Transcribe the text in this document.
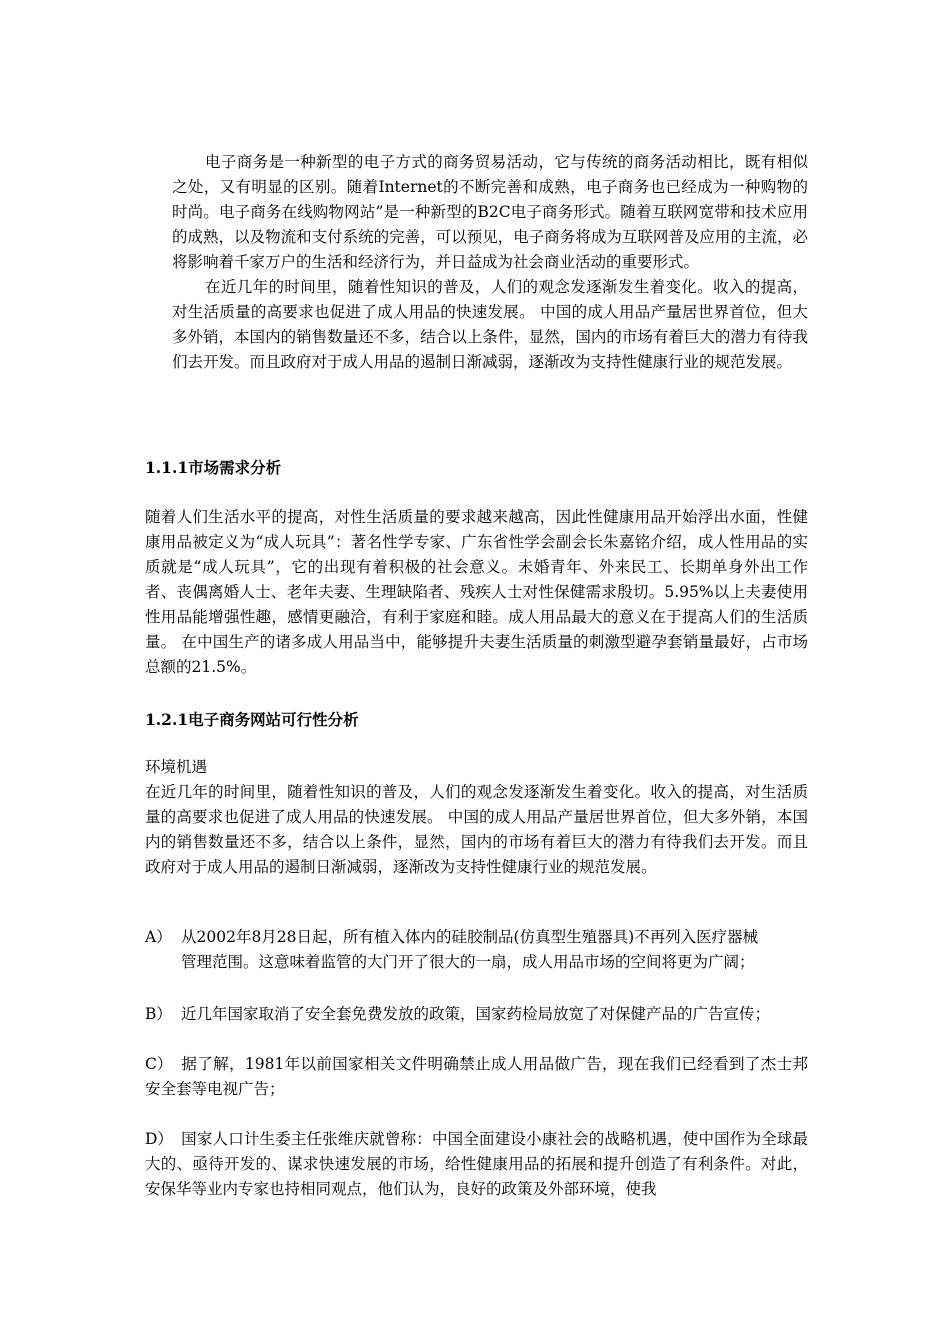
电子商务是一种新型的电子方式的商务贸易活动，它与传统的商务活动相比，既有相似之处，又有明显的区别。随着Internet的不断完善和成熟，电子商务也已经成为一种购物的时尚。电子商务在线购物网站”是一种新型的B2C电子商务形式。随着互联网宽带和技术应用的成熟，以及物流和支付系统的完善，可以预见，电子商务将成为互联网普及应用的主流，必将影响着千家万户的生活和经济行为，并日益成为社会商业活动的重要形式。

在近几年的时间里，随着性知识的普及，人们的观念发逐渐发生着变化。收入的提高，对生活质量的高要求也促进了成人用品的快速发展。 中国的成人用品产量居世界首位，但大多外销，本国内的销售数量还不多，结合以上条件，显然，国内的市场有着巨大的潜力有待我们去开发。而且政府对于成人用品的遏制日渐减弱，逐渐改为支持性健康行业的规范发展。

1.1.1市场需求分析

随着人们生活水平的提高，对性生活质量的要求越来越高，因此性健康用品开始浮出水面，性健康用品被定义为“成人玩具”：著名性学专家、广东省性学会副会长朱嘉铭介绍，成人性用品的实质就是“成人玩具”，它的出现有着积极的社会意义。未婚青年、外来民工、长期单身外出工作者、丧偶离婚人士、老年夫妻、生理缺陷者、残疾人士对性保健需求殷切。5.95%以上夫妻使用性用品能增强性趣，感情更融洽，有利于家庭和睦。成人用品最大的意义在于提高人们的生活质量。 在中国生产的诸多成人用品当中，能够提升夫妻生活质量的刺激型避孕套销量最好，占市场总额的21.5%。

1.2.1电子商务网站可行性分析

环境机遇

在近几年的时间里，随着性知识的普及，人们的观念发逐渐发生着变化。收入的提高，对生活质量的高要求也促进了成人用品的快速发展。 中国的成人用品产量居世界首位，但大多外销，本国内的销售数量还不多，结合以上条件，显然，国内的市场有着巨大的潜力有待我们去开发。而且政府对于成人用品的遏制日渐减弱，逐渐改为支持性健康行业的规范发展。

A） 从2002年8月28日起，所有植入体内的硅胶制品(仿真型生殖器具)不再列入医疗器械
管理范围。这意味着监管的大门开了很大的一扇，成人用品市场的空间将更为广阔；
B） 近几年国家取消了安全套免费发放的政策，国家药检局放宽了对保健产品的广告宣传；
C） 据了解，1981年以前国家相关文件明确禁止成人用品做广告，现在我们已经看到了杰士邦安全套等电视广告；
D） 国家人口计生委主任张维庆就曾称：中国全面建设小康社会的战略机遇，使中国作为全球最大的、亟待开发的、谋求快速发展的市场，给性健康用品的拓展和提升创造了有利条件。对此，安保华等业内专家也持相同观点，他们认为，良好的政策及外部环境，使我
